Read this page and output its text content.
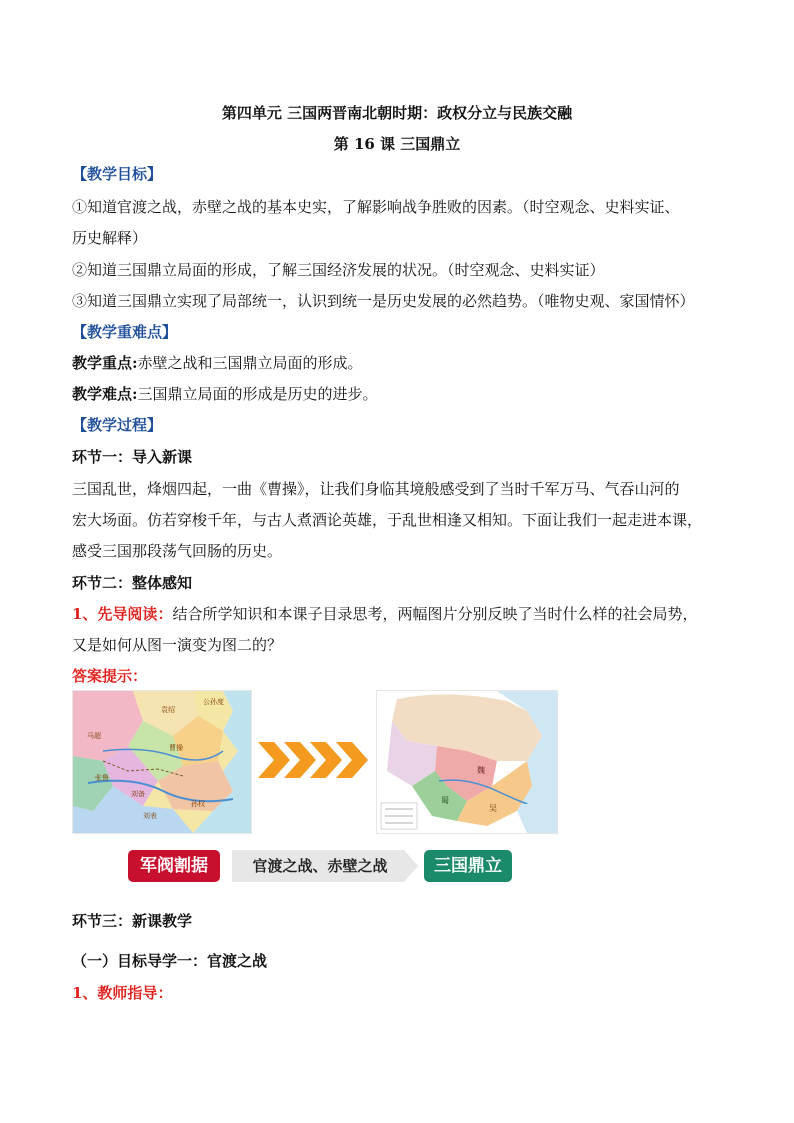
第四单元 三国两晋南北朝时期：政权分立与民族交融
第 16 课 三国鼎立
【教学目标】
①知道官渡之战，赤壁之战的基本史实，了解影响战争胜败的因素。（时空观念、史料实证、
历史解释）
②知道三国鼎立局面的形成，了解三国经济发展的状况。（时空观念、史料实证）
③知道三国鼎立实现了局部统一，认识到统一是历史发展的必然趋势。（唯物史观、家国情怀）
【教学重难点】
教学重点:赤壁之战和三国鼎立局面的形成。
教学难点:三国鼎立局面的形成是历史的进步。
【教学过程】
环节一：导入新课
三国乱世，烽烟四起，一曲《曹操》，让我们身临其境般感受到了当时千军万马、气吞山河的
宏大场面。仿若穿梭千年，与古人煮酒论英雄，于乱世相逢又相知。下面让我们一起走进本课，
感受三国那段荡气回肠的历史。
环节二：整体感知
1、先导阅读：结合所学知识和本课子目录思考，两幅图片分别反映了当时什么样的社会局势，
又是如何从图一演变为图二的？
答案提示：
曹操
刘备
孙权
袁绍
刘表
马超
张鲁
公孙度
魏
蜀
吴
军阀割据	官渡之战、赤壁之战	三国鼎立
环节三：新课教学
（一）目标导学一：官渡之战
1、教师指导：
